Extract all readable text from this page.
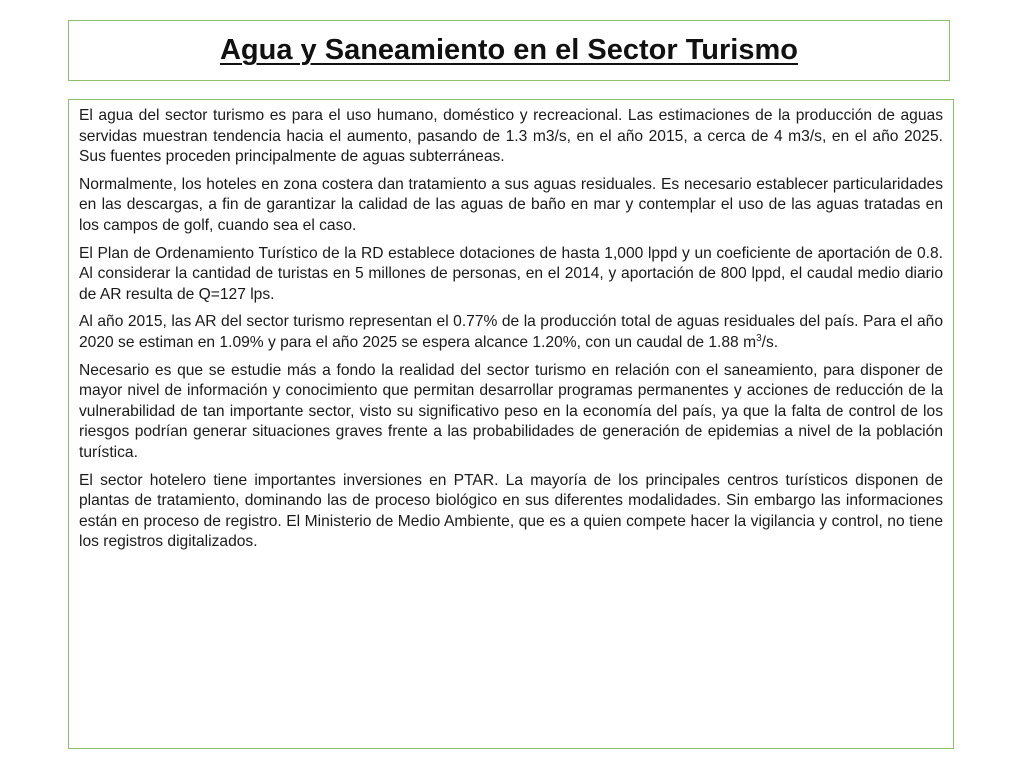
Agua y Saneamiento en el Sector Turismo

El agua del sector turismo es para el uso humano, doméstico y recreacional. Las estimaciones de la producción de aguas servidas muestran tendencia hacia el aumento, pasando de 1.3 m3/s, en el año 2015, a cerca de 4 m3/s, en el año 2025. Sus fuentes proceden principalmente de aguas subterráneas.

Normalmente, los hoteles en zona costera dan tratamiento a sus aguas residuales. Es necesario establecer particularidades en las descargas, a fin de garantizar la calidad de las aguas de baño en mar y contemplar el uso de las aguas tratadas en los campos de golf, cuando sea el caso.

El Plan de Ordenamiento Turístico de la RD establece dotaciones de hasta 1,000 lppd y un coeficiente de aportación de 0.8. Al considerar la cantidad de turistas en 5 millones de personas, en el 2014, y aportación de 800 lppd, el caudal medio diario de AR resulta de Q=127 lps.

Al año 2015, las AR del sector turismo representan el 0.77% de la producción total de aguas residuales del país. Para el año 2020 se estiman en 1.09% y para el año 2025 se espera alcance 1.20%, con un caudal de 1.88 $m^3/s$.

Necesario es que se estudie más a fondo la realidad del sector turismo en relación con el saneamiento, para disponer de mayor nivel de información y conocimiento que permitan desarrollar programas permanentes y acciones de reducción de la vulnerabilidad de tan importante sector, visto su significativo peso en la economía del país, ya que la falta de control de los riesgos podrían generar situaciones graves frente a las probabilidades de generación de epidemias a nivel de la población turística.

El sector hotelero tiene importantes inversiones en PTAR. La mayoría de los principales centros turísticos disponen de plantas de tratamiento, dominando las de proceso biológico en sus diferentes modalidades. Sin embargo las informaciones están en proceso de registro. El Ministerio de Medio Ambiente, que es a quien compete hacer la vigilancia y control, no tiene los registros digitalizados.
